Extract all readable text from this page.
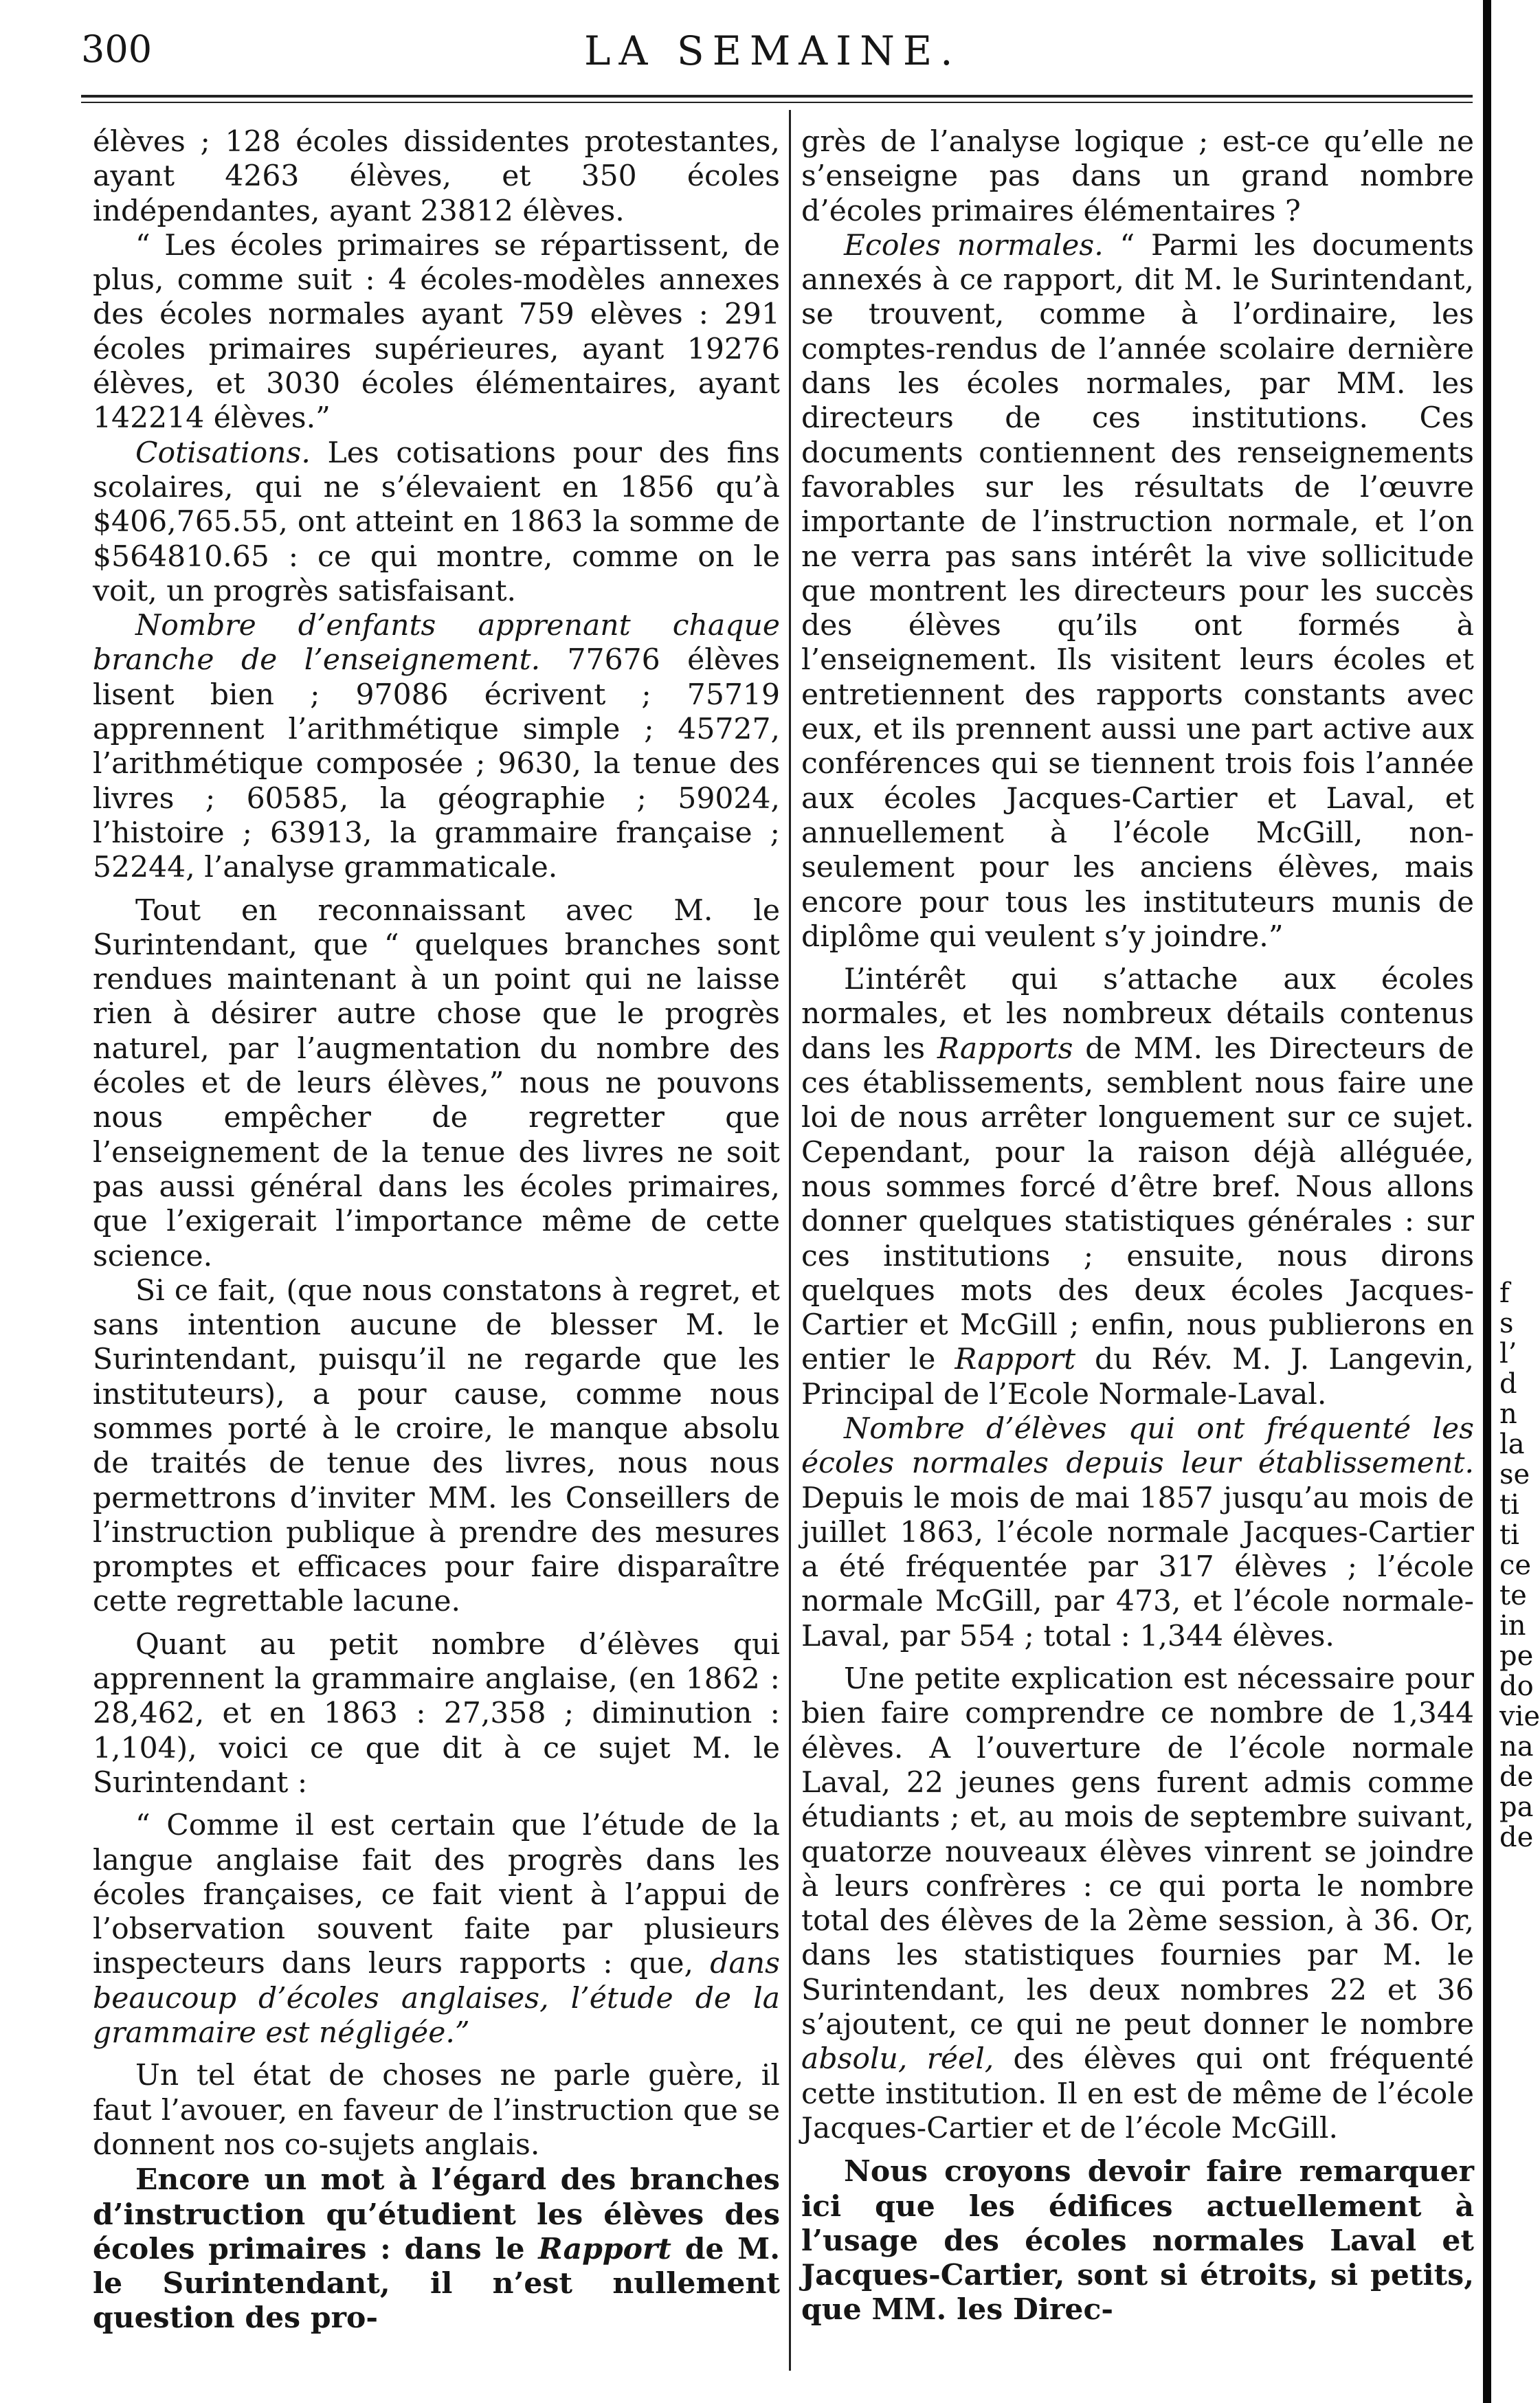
300	LA SEMAINE.

élèves ; 128 écoles dissidentes protestantes, ayant 4263 élèves, et 350 écoles indépendantes, ayant 23812 élèves.

“ Les écoles primaires se répartissent, de plus, comme suit : 4 écoles-modèles annexes des écoles normales ayant 759 elèves : 291 écoles primaires supérieures, ayant 19276 élèves, et 3030 écoles élémentaires, ayant 142214 élèves.”

Cotisations. Les cotisations pour des fins scolaires, qui ne s’élevaient en 1856 qu’à $406,765.55, ont atteint en 1863 la somme de $564810.65 : ce qui montre, comme on le voit, un progrès satisfaisant.

Nombre d’enfants apprenant chaque branche de l’enseignement. 77676 élèves lisent bien ; 97086 écrivent ; 75719 apprennent l’arithmétique simple ; 45727, l’arithmétique composée ; 9630, la tenue des livres ; 60585, la géographie ; 59024, l’histoire ; 63913, la grammaire française ; 52244, l’analyse grammaticale.

Tout en reconnaissant avec M. le Surintendant, que “ quelques branches sont rendues maintenant à un point qui ne laisse rien à désirer autre chose que le progrès naturel, par l’augmentation du nombre des écoles et de leurs élèves,” nous ne pouvons nous empêcher de regretter que l’enseignement de la tenue des livres ne soit pas aussi général dans les écoles primaires, que l’exigerait l’importance même de cette science.

Si ce fait, (que nous constatons à regret, et sans intention aucune de blesser M. le Surintendant, puisqu’il ne regarde que les instituteurs), a pour cause, comme nous sommes porté à le croire, le manque absolu de traités de tenue des livres, nous nous permettrons d’inviter MM. les Conseillers de l’instruction publique à prendre des mesures promptes et efficaces pour faire disparaître cette regrettable lacune.

Quant au petit nombre d’élèves qui apprennent la grammaire anglaise, (en 1862 : 28,462, et en 1863 : 27,358 ; diminution : 1,104), voici ce que dit à ce sujet M. le Surintendant :

“ Comme il est certain que l’étude de la langue anglaise fait des progrès dans les écoles françaises, ce fait vient à l’appui de l’observation souvent faite par plusieurs inspecteurs dans leurs rapports : que, dans beaucoup d’écoles anglaises, l’étude de la grammaire est négligée.”

Un tel état de choses ne parle guère, il faut l’avouer, en faveur de l’instruction que se donnent nos co-sujets anglais.

Encore un mot à l’égard des branches d’instruction qu’étudient les élèves des écoles primaires : dans le Rapport de M. le Surintendant, il n’est nullement question des pro-

grès de l’analyse logique ; est-ce qu’elle ne s’enseigne pas dans un grand nombre d’écoles primaires élémentaires ?

Ecoles normales. “ Parmi les documents annexés à ce rapport, dit M. le Surintendant, se trouvent, comme à l’ordinaire, les comptes-rendus de l’année scolaire dernière dans les écoles normales, par MM. les directeurs de ces institutions. Ces documents contiennent des renseignements favorables sur les résultats de l’œuvre importante de l’instruction normale, et l’on ne verra pas sans intérêt la vive sollicitude que montrent les directeurs pour les succès des élèves qu’ils ont formés à l’enseignement. Ils visitent leurs écoles et entretiennent des rapports constants avec eux, et ils prennent aussi une part active aux conférences qui se tiennent trois fois l’année aux écoles Jacques-Cartier et Laval, et annuellement à l’école McGill, non-seulement pour les anciens élèves, mais encore pour tous les instituteurs munis de diplôme qui veulent s’y joindre.”

L’intérêt qui s’attache aux écoles normales, et les nombreux détails contenus dans les Rapports de MM. les Directeurs de ces établissements, semblent nous faire une loi de nous arrêter longuement sur ce sujet. Cependant, pour la raison déjà alléguée, nous sommes forcé d’être bref. Nous allons donner quelques statistiques générales : sur ces institutions ; ensuite, nous dirons quelques mots des deux écoles Jacques-Cartier et McGill ; enfin, nous publierons en entier le Rapport du Rév. M. J. Langevin, Principal de l’Ecole Normale-Laval.

Nombre d’élèves qui ont fréquenté les écoles normales depuis leur établissement. Depuis le mois de mai 1857 jusqu’au mois de juillet 1863, l’école normale Jacques-Cartier a été fréquentée par 317 élèves ; l’école normale McGill, par 473, et l’école normale-Laval, par 554 ; total : 1,344 élèves.

Une petite explication est nécessaire pour bien faire comprendre ce nombre de 1,344 élèves. A l’ouverture de l’école normale Laval, 22 jeunes gens furent admis comme étudiants ; et, au mois de septembre suivant, quatorze nouveaux élèves vinrent se joindre à leurs confrères : ce qui porta le nombre total des élèves de la 2ème session, à 36. Or, dans les statistiques fournies par M. le Surintendant, les deux nombres 22 et 36 s’ajoutent, ce qui ne peut donner le nombre absolu, réel, des élèves qui ont fréquenté cette institution. Il en est de même de l’école Jacques-Cartier et de l’école McGill.

Nous croyons devoir faire remarquer ici que les édifices actuellement à l’usage des écoles normales Laval et Jacques-Cartier, sont si étroits, si petits, que MM. les Direc-

f
s
l’
d
n
la
se
ti
ti
ce
te
in
pe
do
vie
na
de
pa
de
